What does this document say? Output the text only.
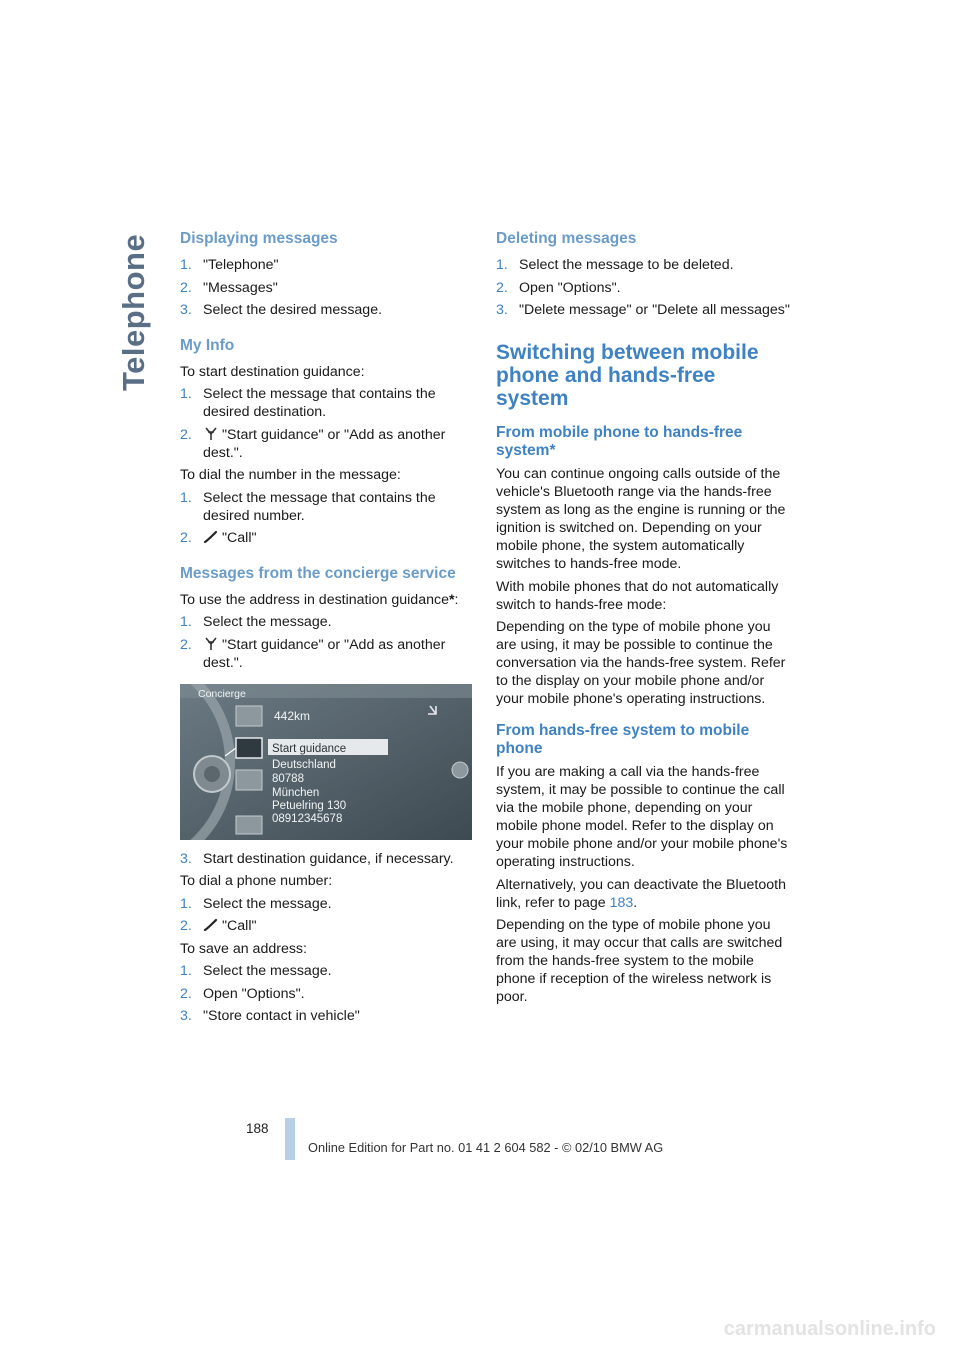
Telephone	Displaying messages
1. "Telephone"
2. "Messages"
3. Select the desired message.
My Info

To start destination guidance:

1. Select the message that contains the desired destination.
2.	"Start guidance" or "Add as another dest.".

To dial the number in the message:

1. Select the message that contains the desired number.
2.	"Call"
Messages from the concierge service

To use the address in destination guidance*:

1. Select the message.
2.	"Start guidance" or "Add as another dest.".
Concierge
442km
Start guidance
Deutschland
80788
München
Petuelring 130
08912345678
3. Start destination guidance, if necessary.

To dial a phone number:

1. Select the message.
2.	"Call"

To save an address:

1. Select the message.
2. Open "Options".
3. "Store contact in vehicle"
Deleting messages
1. Select the message to be deleted.
2. Open "Options".
3. "Delete message" or "Delete all messages"
Switching between mobile phone and hands-free system
From mobile phone to hands-free system*

You can continue ongoing calls outside of the vehicle's Bluetooth range via the hands-free system as long as the engine is running or the ignition is switched on. Depending on your mobile phone, the system automatically switches to hands-free mode.

With mobile phones that do not automatically switch to hands-free mode:

Depending on the type of mobile phone you are using, it may be possible to continue the conversation via the hands-free system. Refer to the display on your mobile phone and/or your mobile phone's operating instructions.

From hands-free system to mobile phone

If you are making a call via the hands-free system, it may be possible to continue the call via the mobile phone, depending on your mobile phone model. Refer to the display on your mobile phone and/or your mobile phone's operating instructions.

Alternatively, you can deactivate the Bluetooth link, refer to page 183.

Depending on the type of mobile phone you are using, it may occur that calls are switched from the hands-free system to the mobile phone if reception of the wireless network is poor.

188
Online Edition for Part no. 01 41 2 604 582 - © 02/10 BMW AG
carmanualsonline.info
